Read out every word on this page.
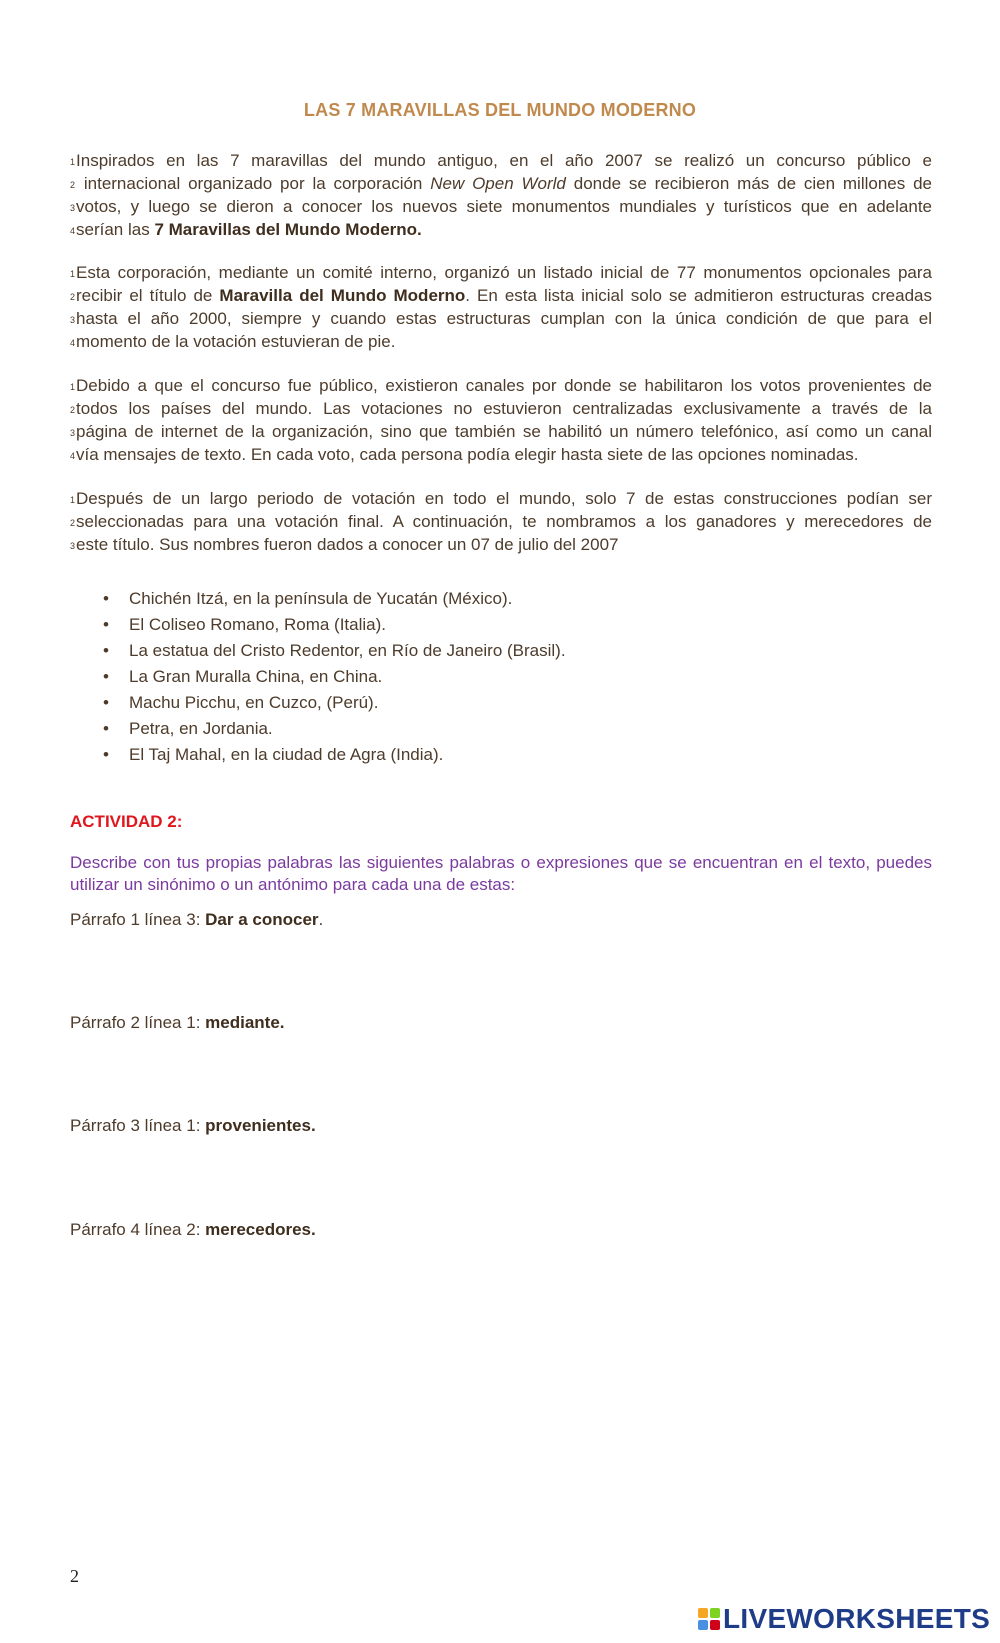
LAS 7 MARAVILLAS DEL MUNDO MODERNO
1Inspirados en las 7 maravillas del mundo antiguo, en el año 2007 se realizó un concurso público e
2 internacional organizado por la corporación New Open World donde se recibieron más de cien millones de
3votos, y luego se dieron a conocer los nuevos siete monumentos mundiales y turísticos que en adelante
4serían las 7 Maravillas del Mundo Moderno.
1Esta corporación, mediante un comité interno, organizó un listado inicial de 77 monumentos opcionales para
2recibir el título de Maravilla del Mundo Moderno. En esta lista inicial solo se admitieron estructuras creadas
3hasta el año 2000, siempre y cuando estas estructuras cumplan con la única condición de que para el
4momento de la votación estuvieran de pie.
1Debido a que el concurso fue público, existieron canales por donde se habilitaron los votos provenientes de
2todos los países del mundo. Las votaciones no estuvieron centralizadas exclusivamente a través de la
3página de internet de la organización, sino que también se habilitó un número telefónico, así como un canal
4vía mensajes de texto. En cada voto, cada persona podía elegir hasta siete de las opciones nominadas.
1Después de un largo periodo de votación en todo el mundo, solo 7 de estas construcciones podían ser
2seleccionadas para una votación final. A continuación, te nombramos a los ganadores y merecedores de
3este título. Sus nombres fueron dados a conocer un 07 de julio del 2007
• Chichén Itzá, en la península de Yucatán (México).
• El Coliseo Romano, Roma (Italia).
• La estatua del Cristo Redentor, en Río de Janeiro (Brasil).
• La Gran Muralla China, en China.
• Machu Picchu, en Cuzco, (Perú).
• Petra, en Jordania.
• El Taj Mahal, en la ciudad de Agra (India).
ACTIVIDAD 2:
Describe con tus propias palabras las siguientes palabras o expresiones que se encuentran en el texto, puedes utilizar un sinónimo o un antónimo para cada una de estas:
Párrafo 1 línea 3: Dar a conocer.
Párrafo 2 línea 1: mediante.
Párrafo 3 línea 1: provenientes.
Párrafo 4 línea 2: merecedores.
2
LIVEWORKSHEETS
